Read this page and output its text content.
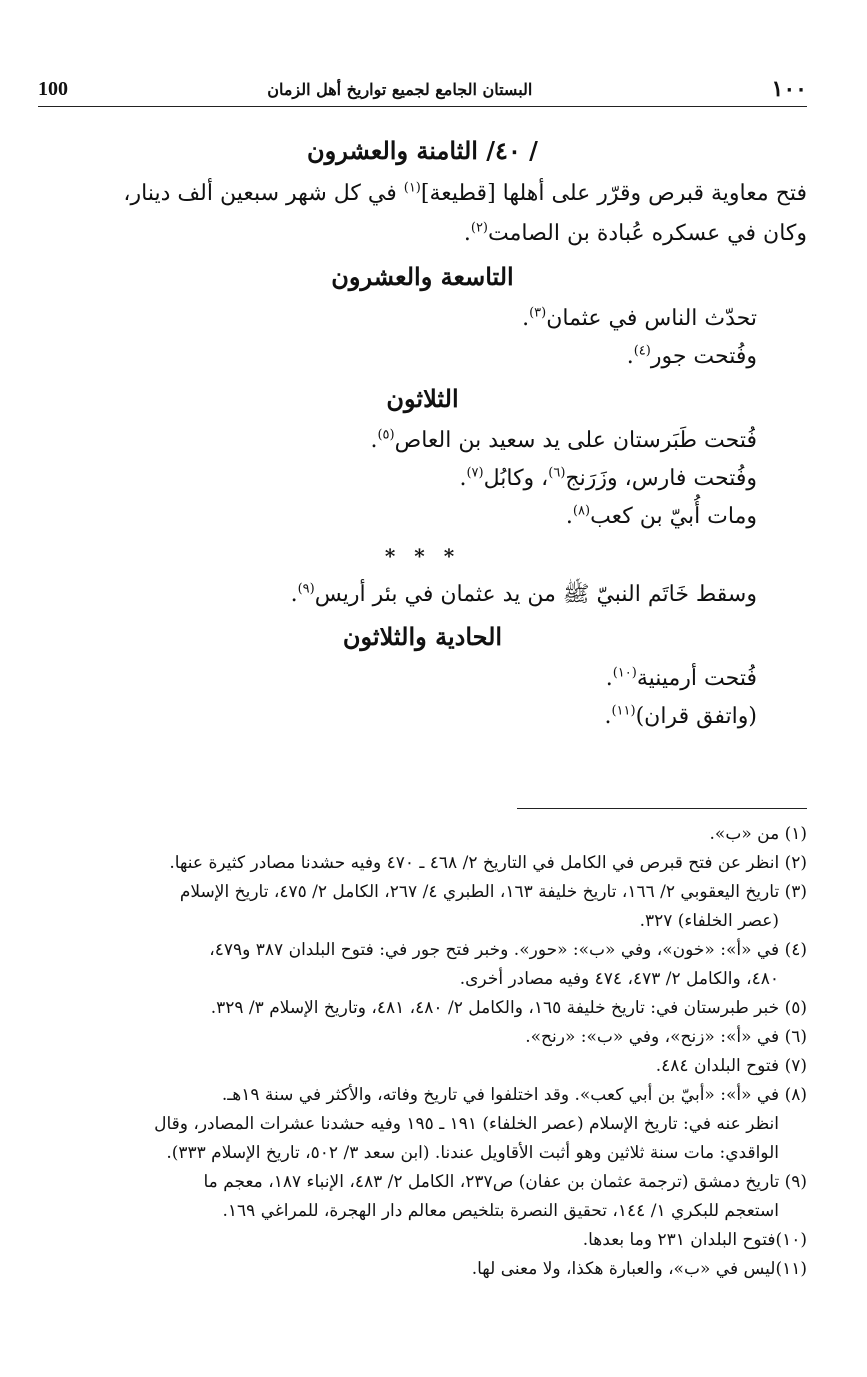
١٠٠
البستان الجامع لجميع تواريخ أهل الزمان
100
/ ٤٠/ الثامنة والعشرون

فتح معاوية قبرص وقرّر على أهلها [قطيعة]$^{(١)}$ في كل شهر سبعين ألف دينار،
وكان في عسكره عُبادة بن الصامت$^{(٢)}$.

التاسعة والعشرون

تحدّث الناس في عثمان$^{(٣)}$.

وفُتحت جور$^{(٤)}$.

الثلاثون

فُتحت طَبَرستان على يد سعيد بن العاص$^{(٥)}$.

وفُتحت فارس، وزَرَنج$^{(٦)}$، وكابُل$^{(٧)}$.

ومات أُبيّ بن كعب$^{(٨)}$.

* * *

وسقط خَاتَم النبيّ ﷺ من يد عثمان في بئر أريس$^{(٩)}$.

الحادية والثلاثون

فُتحت أرمينية$^{(١٠)}$.

(واتفق قران)$^{(١١)}$.

(١) من «ب».

(٢) انظر عن فتح قبرص في الكامل في التاريخ ٢/ ٤٦٨ ـ ٤٧٠ وفيه حشدنا مصادر كثيرة عنها.

(٣) تاريخ اليعقوبي ٢/ ١٦٦، تاريخ خليفة ١٦٣، الطبري ٤/ ٢٦٧، الكامل ٢/ ٤٧٥، تاريخ الإسلام

(عصر الخلفاء) ٣٢٧.

(٤) في «أ»: «خون»، وفي «ب»: «حور». وخبر فتح جور في: فتوح البلدان ٣٨٧ و٤٧٩،

٤٨٠، والكامل ٢/ ٤٧٣، ٤٧٤ وفيه مصادر أخرى.

(٥) خبر طبرستان في: تاريخ خليفة ١٦٥، والكامل ٢/ ٤٨٠، ٤٨١، وتاريخ الإسلام ٣/ ٣٢٩.

(٦) في «أ»: «زنح»، وفي «ب»: «رنح».

(٧) فتوح البلدان ٤٨٤.

(٨) في «أ»: «أبيّ بن أبي كعب». وقد اختلفوا في تاريخ وفاته، والأكثر في سنة ١٩هـ.

انظر عنه في: تاريخ الإسلام (عصر الخلفاء) ١٩١ ـ ١٩٥ وفيه حشدنا عشرات المصادر، وقال

الواقدي: مات سنة ثلاثين وهو أثبت الأقاويل عندنا. (ابن سعد ٣/ ٥٠٢، تاريخ الإسلام ٣٣٣).

(٩) تاريخ دمشق (ترجمة عثمان بن عفان) ص٢٣٧، الكامل ٢/ ٤٨٣، الإنباء ١٨٧، معجم ما

استعجم للبكري ١/ ١٤٤، تحقيق النصرة بتلخيص معالم دار الهجرة، للمراغي ١٦٩.

(١٠)فتوح البلدان ٢٣١ وما بعدها.

(١١)ليس في «ب»، والعبارة هكذا، ولا معنى لها.
